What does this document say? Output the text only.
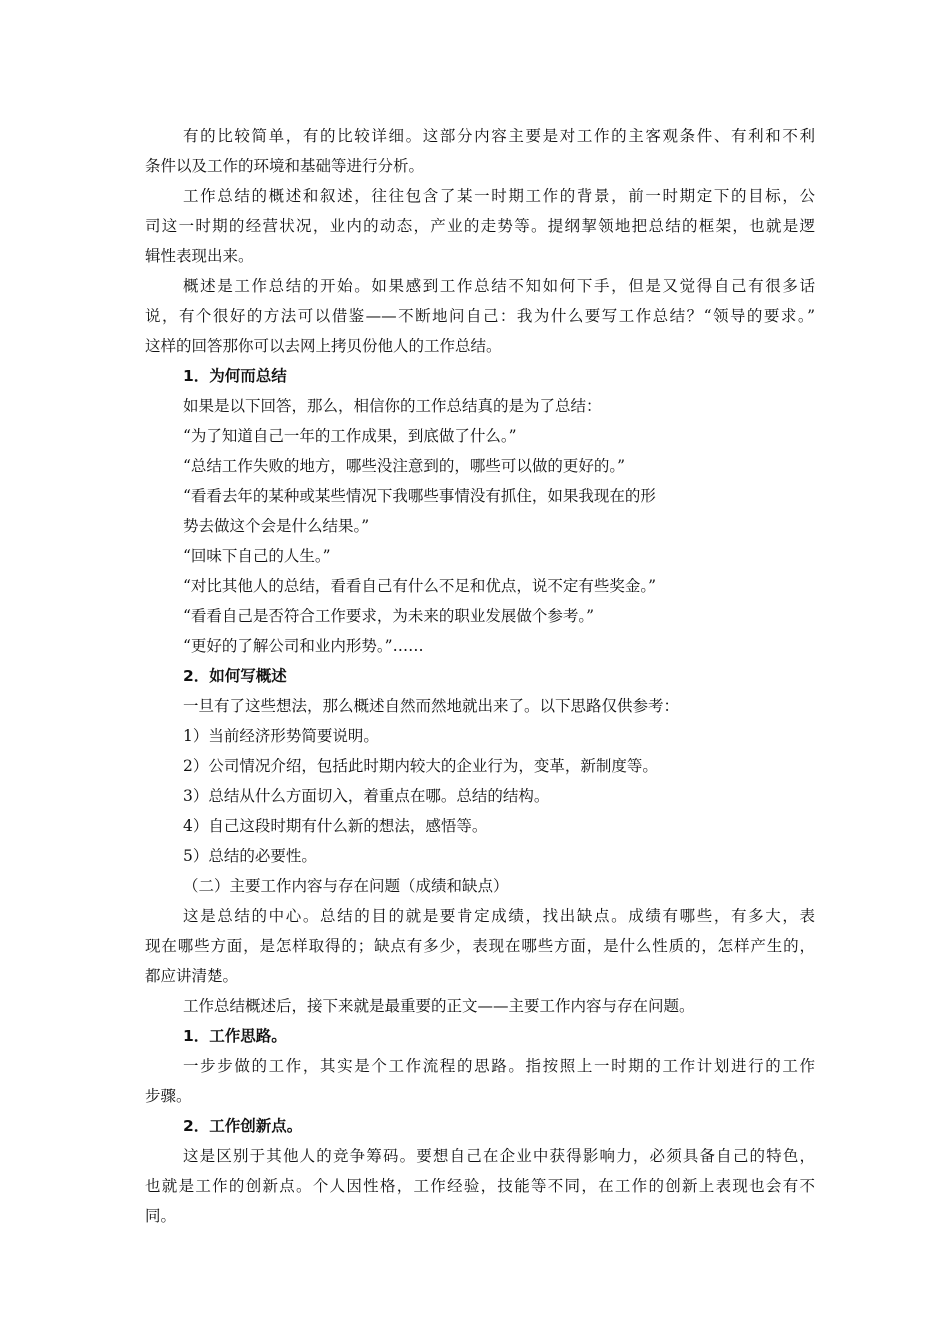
有的比较简单，有的比较详细。这部分内容主要是对工作的主客观条件、有利和不利
条件以及工作的环境和基础等进行分析。
工作总结的概述和叙述，往往包含了某一时期工作的背景，前一时期定下的目标，公
司这一时期的经营状况，业内的动态，产业的走势等。提纲挈领地把总结的框架，也就是逻
辑性表现出来。
概述是工作总结的开始。如果感到工作总结不知如何下手，但是又觉得自己有很多话
说，有个很好的方法可以借鉴——不断地问自己：我为什么要写工作总结？“领导的要求。”
这样的回答那你可以去网上拷贝份他人的工作总结。
1．为何而总结
如果是以下回答，那么，相信你的工作总结真的是为了总结：
“为了知道自己一年的工作成果，到底做了什么。”
“总结工作失败的地方，哪些没注意到的，哪些可以做的更好的。”
“看看去年的某种或某些情况下我哪些事情没有抓住，如果我现在的形
势去做这个会是什么结果。”
“回味下自己的人生。”
“对比其他人的总结，看看自己有什么不足和优点，说不定有些奖金。”
“看看自己是否符合工作要求，为未来的职业发展做个参考。”
“更好的了解公司和业内形势。”……
2．如何写概述
一旦有了这些想法，那么概述自然而然地就出来了。以下思路仅供参考：
1）当前经济形势简要说明。
2）公司情况介绍，包括此时期内较大的企业行为，变革，新制度等。
3）总结从什么方面切入，着重点在哪。总结的结构。
4）自己这段时期有什么新的想法，感悟等。
5）总结的必要性。
（二）主要工作内容与存在问题（成绩和缺点）
这是总结的中心。总结的目的就是要肯定成绩，找出缺点。成绩有哪些，有多大，表
现在哪些方面，是怎样取得的；缺点有多少，表现在哪些方面，是什么性质的，怎样产生的，
都应讲清楚。
工作总结概述后，接下来就是最重要的正文——主要工作内容与存在问题。
1．工作思路。
一步步做的工作，其实是个工作流程的思路。指按照上一时期的工作计划进行的工作
步骤。
2．工作创新点。
这是区别于其他人的竞争筹码。要想自己在企业中获得影响力，必须具备自己的特色，
也就是工作的创新点。个人因性格，工作经验，技能等不同，在工作的创新上表现也会有不
同。
